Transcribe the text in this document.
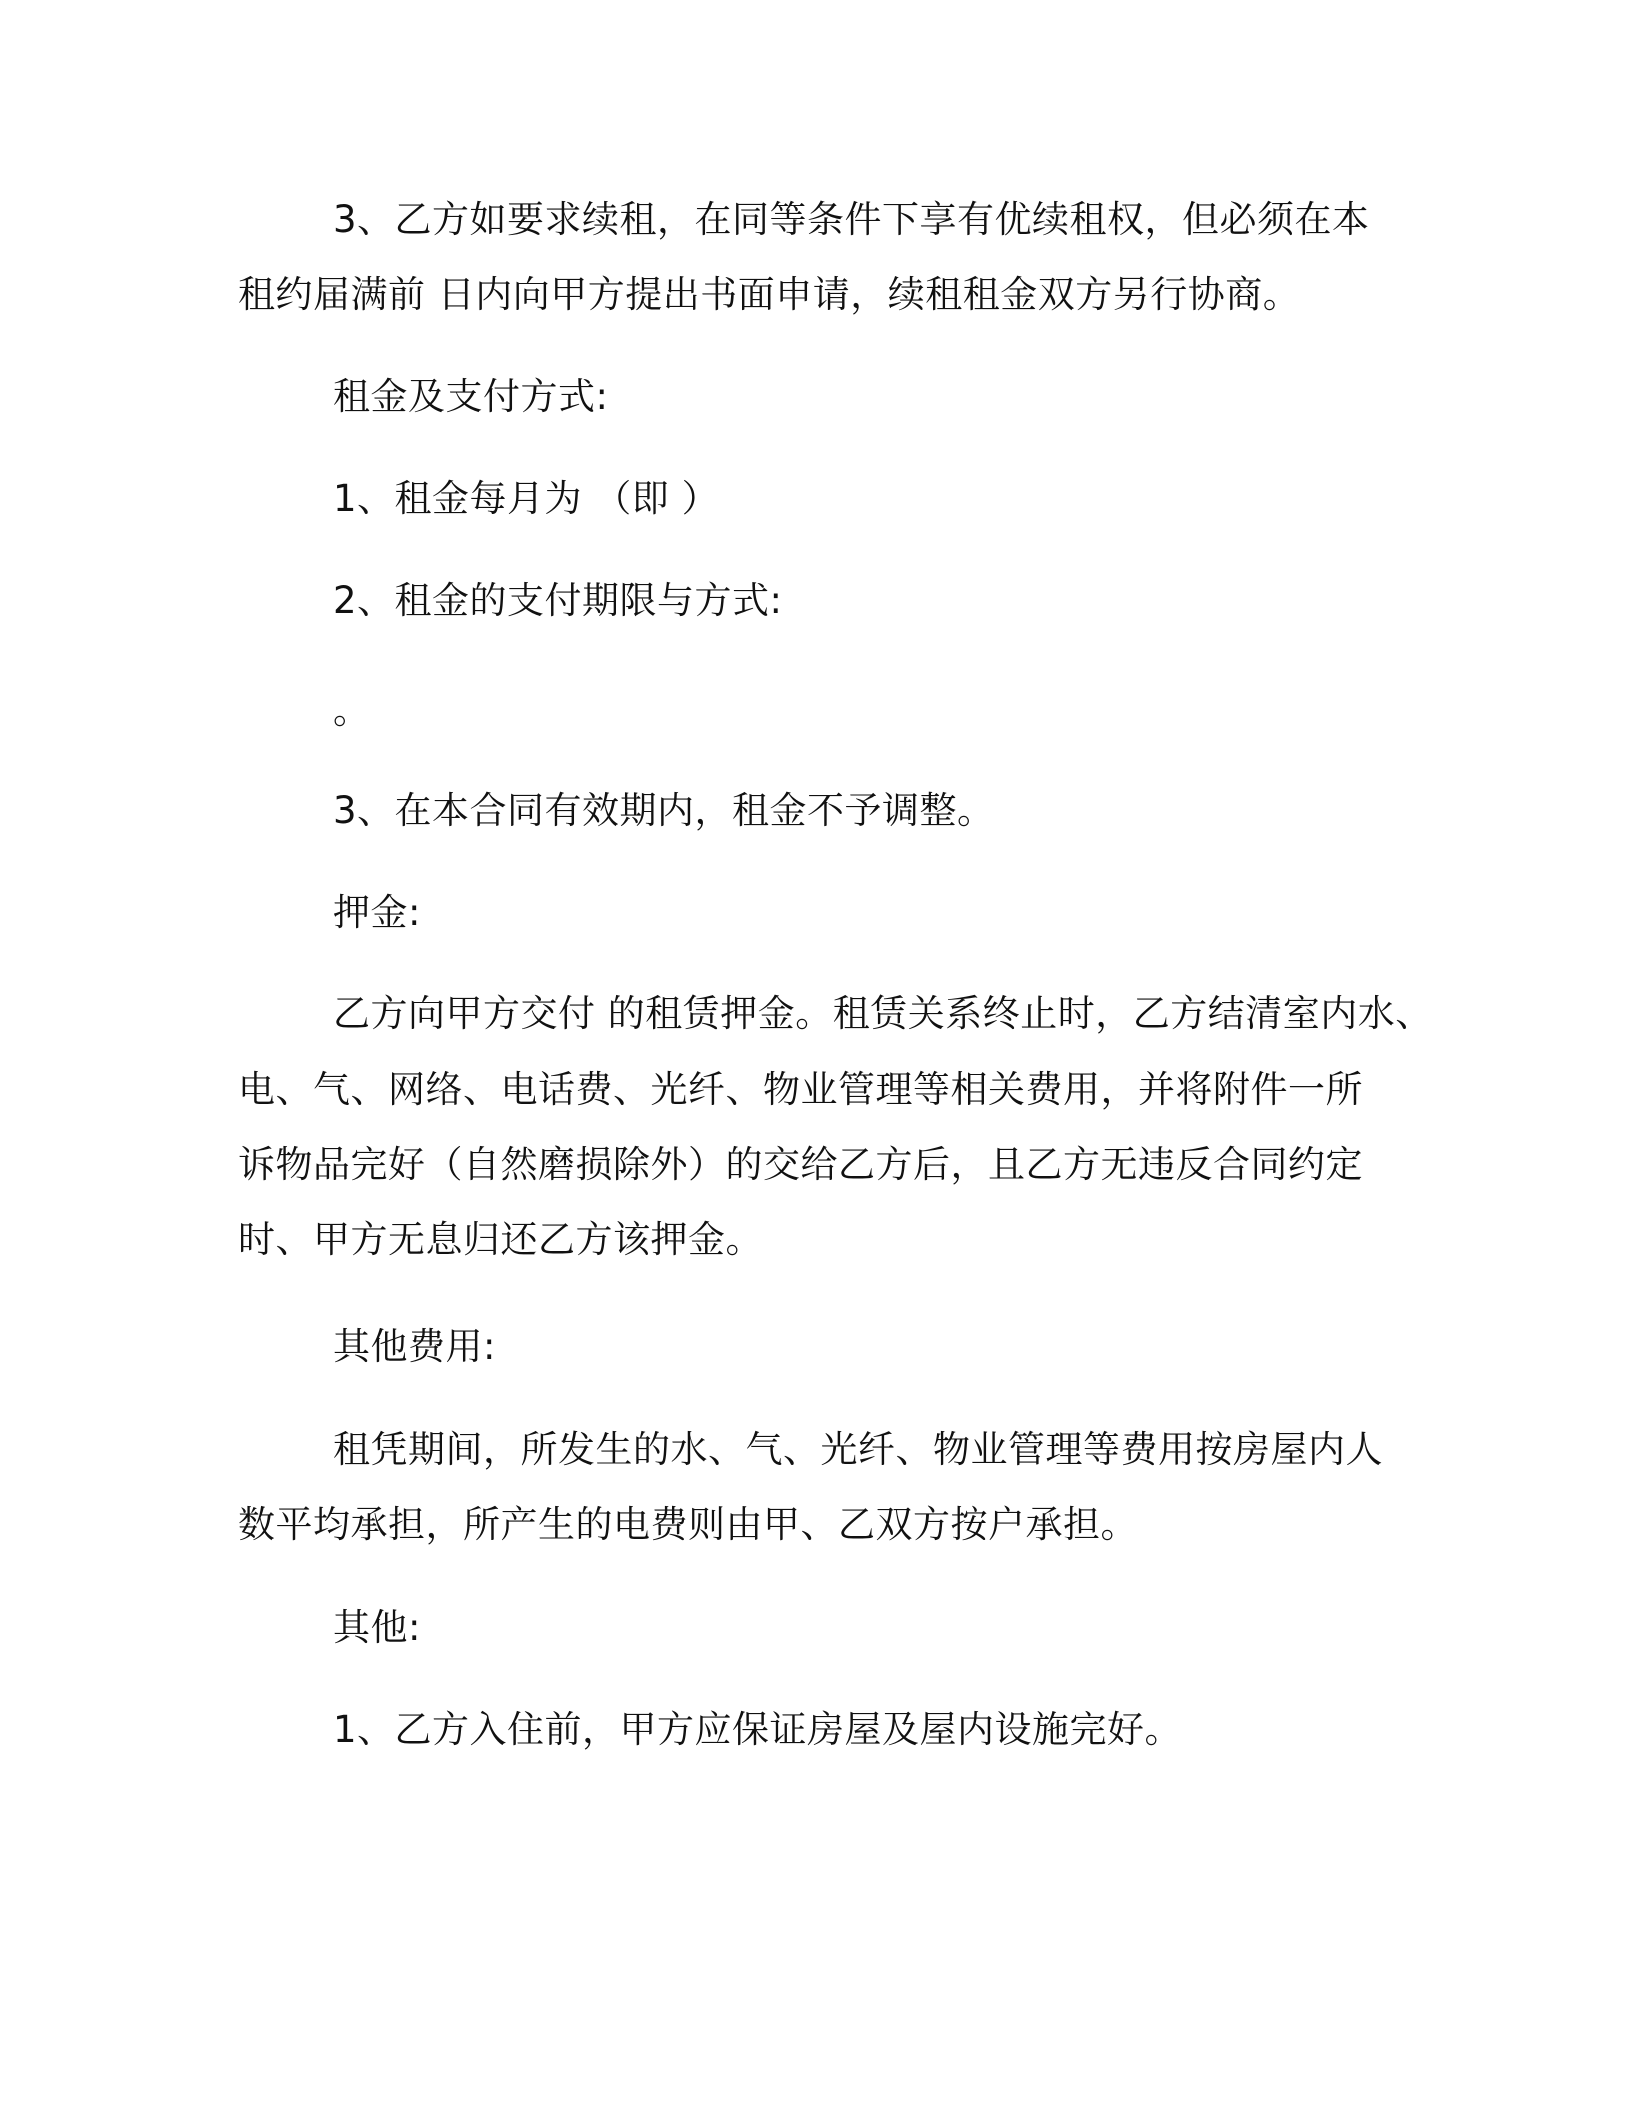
3、乙方如要求续租，在同等条件下享有优续租权，但必须在本
租约届满前 日内向甲方提出书面申请，续租租金双方另行协商。
租金及支付方式:
1、租金每月为 （即 ）
2、租金的支付期限与方式:
。
3、在本合同有效期内，租金不予调整。
押金:
乙方向甲方交付 的租赁押金。租赁关系终止时，乙方结清室内水、
电、气、网络、电话费、光纤、物业管理等相关费用，并将附件一所
诉物品完好（自然磨损除外）的交给乙方后，且乙方无违反合同约定
时、甲方无息归还乙方该押金。
其他费用:
租凭期间，所发生的水、气、光纤、物业管理等费用按房屋内人
数平均承担，所产生的电费则由甲、乙双方按户承担。
其他:
1、乙方入住前，甲方应保证房屋及屋内设施完好。
